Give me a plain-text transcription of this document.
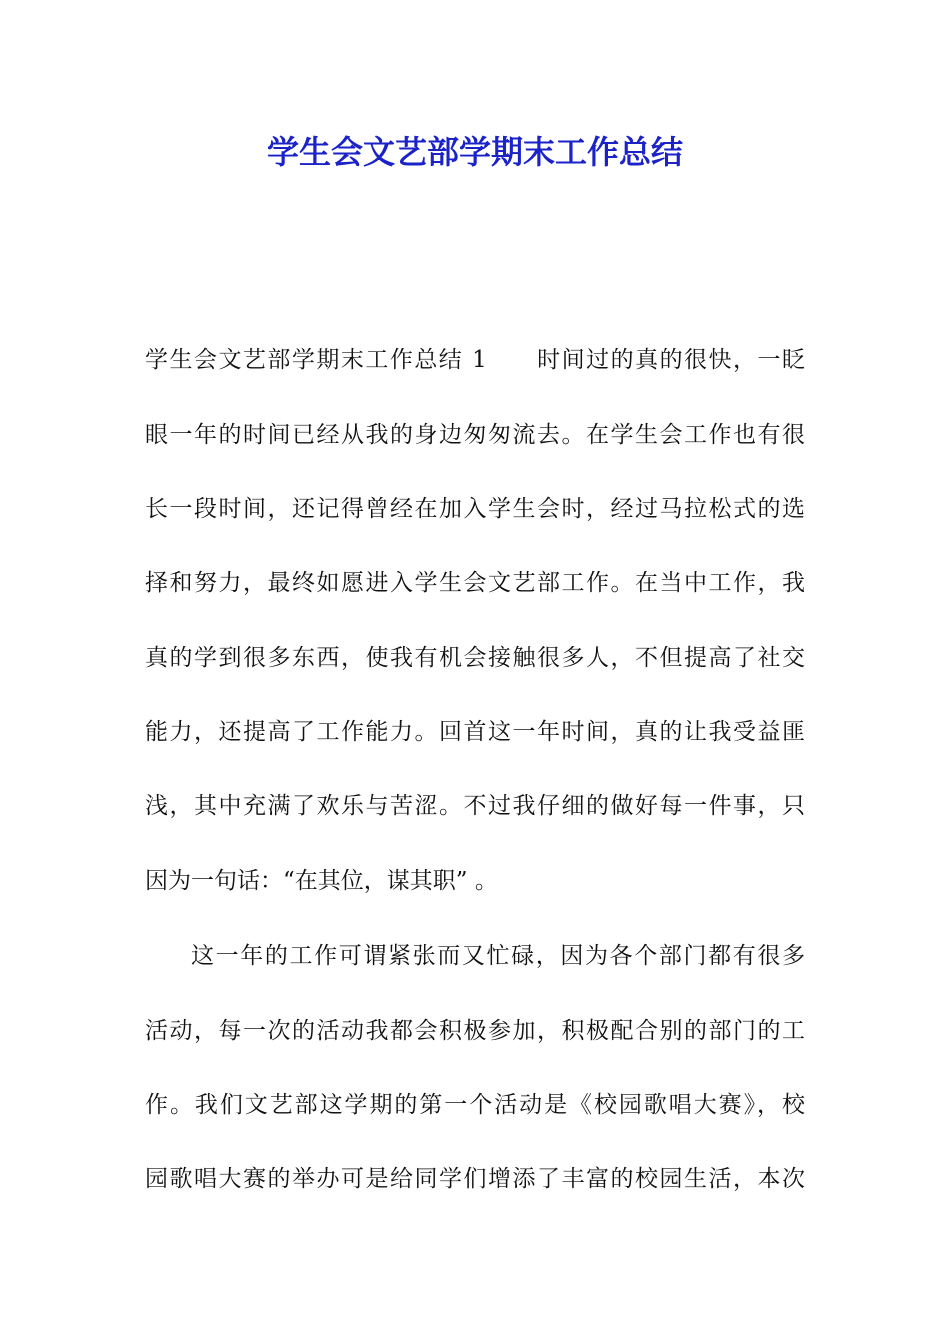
学生会文艺部学期末工作总结
学生会文艺部学期末工作总结 1　　时间过的真的很快，一眨
眼一年的时间已经从我的身边匆匆流去。在学生会工作也有很
长一段时间，还记得曾经在加入学生会时，经过马拉松式的选
择和努力，最终如愿进入学生会文艺部工作。在当中工作，我
真的学到很多东西，使我有机会接触很多人，不但提高了社交
能力，还提高了工作能力。回首这一年时间，真的让我受益匪
浅，其中充满了欢乐与苦涩。不过我仔细的做好每一件事，只
因为一句话：“在其位，谋其职” 。
这一年的工作可谓紧张而又忙碌，因为各个部门都有很多
活动，每一次的活动我都会积极参加，积极配合别的部门的工
作。我们文艺部这学期的第一个活动是《校园歌唱大赛》，校
园歌唱大赛的举办可是给同学们增添了丰富的校园生活，本次
